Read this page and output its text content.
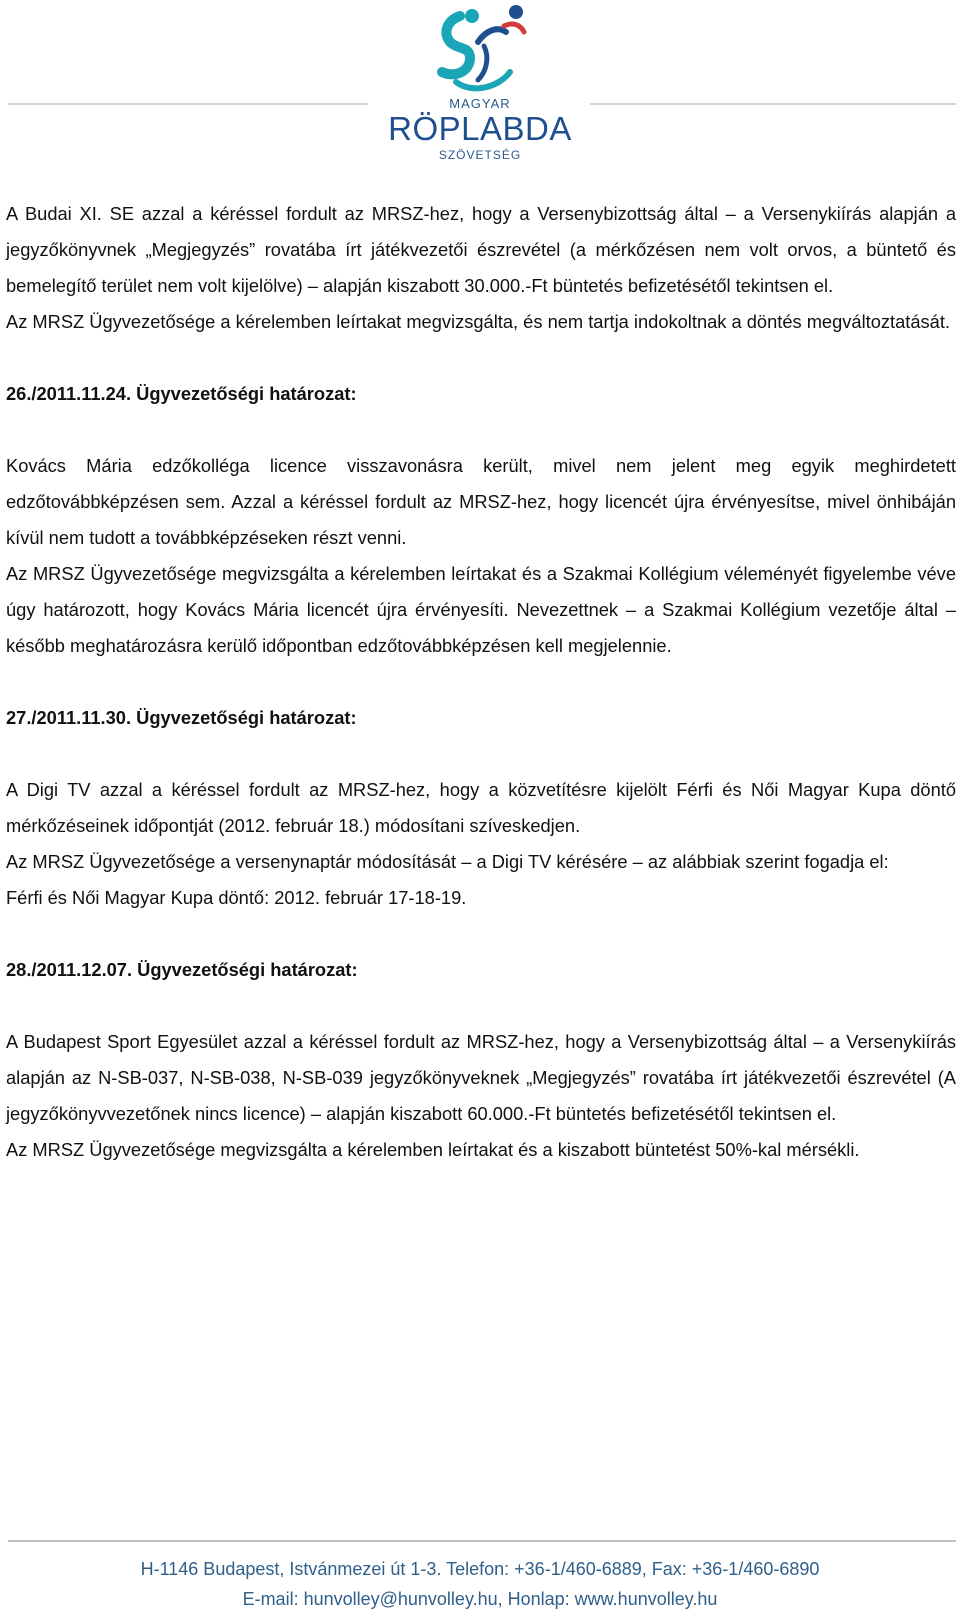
MAGYAR
RÖPLABDA
SZÖVETSÉG

A Budai XI. SE azzal a kéréssel fordult az MRSZ-hez, hogy a Versenybizottság által – a Versenykiírás alapján a jegyzőkönyvnek „Megjegyzés” rovatába írt játékvezetői észrevétel (a mérkőzésen nem volt orvos, a büntető és bemelegítő terület nem volt kijelölve) – alapján kiszabott 30.000.-Ft büntetés befizetésétől tekintsen el.

Az MRSZ Ügyvezetősége a kérelemben leírtakat megvizsgálta, és nem tartja indokoltnak a döntés megváltoztatását.

26./2011.11.24. Ügyvezetőségi határozat:

Kovács Mária edzőkolléga licence visszavonásra került, mivel nem jelent meg egyik meghirdetett edzőtovábbképzésen sem. Azzal a kéréssel fordult az MRSZ-hez, hogy licencét újra érvényesítse, mivel önhibáján kívül nem tudott a továbbképzéseken részt venni.

Az MRSZ Ügyvezetősége megvizsgálta a kérelemben leírtakat és a Szakmai Kollégium véleményét figyelembe véve úgy határozott, hogy Kovács Mária licencét újra érvényesíti. Nevezettnek – a Szakmai Kollégium vezetője által – később meghatározásra kerülő időpontban edzőtovábbképzésen kell megjelennie.

27./2011.11.30. Ügyvezetőségi határozat:

A Digi TV azzal a kéréssel fordult az MRSZ-hez, hogy a közvetítésre kijelölt Férfi és Női Magyar Kupa döntő mérkőzéseinek időpontját (2012. február 18.) módosítani szíveskedjen.

Az MRSZ Ügyvezetősége a versenynaptár módosítását – a Digi TV kérésére – az alábbiak szerint fogadja el:

Férfi és Női Magyar Kupa döntő: 2012. február 17-18-19.

28./2011.12.07. Ügyvezetőségi határozat:

A Budapest Sport Egyesület azzal a kéréssel fordult az MRSZ-hez, hogy a Versenybizottság által – a Versenykiírás alapján az N-SB-037, N-SB-038, N-SB-039 jegyzőkönyveknek „Megjegyzés” rovatába írt játékvezetői észrevétel (A jegyzőkönyvvezetőnek nincs licence) – alapján kiszabott 60.000.-Ft büntetés befizetésétől tekintsen el.

Az MRSZ Ügyvezetősége megvizsgálta a kérelemben leírtakat és a kiszabott büntetést 50%-kal mérsékli.

H-1146 Budapest, Istvánmezei út 1-3. Telefon: +36-1/460-6889, Fax: +36-1/460-6890
E-mail: hunvolley@hunvolley.hu, Honlap: www.hunvolley.hu
